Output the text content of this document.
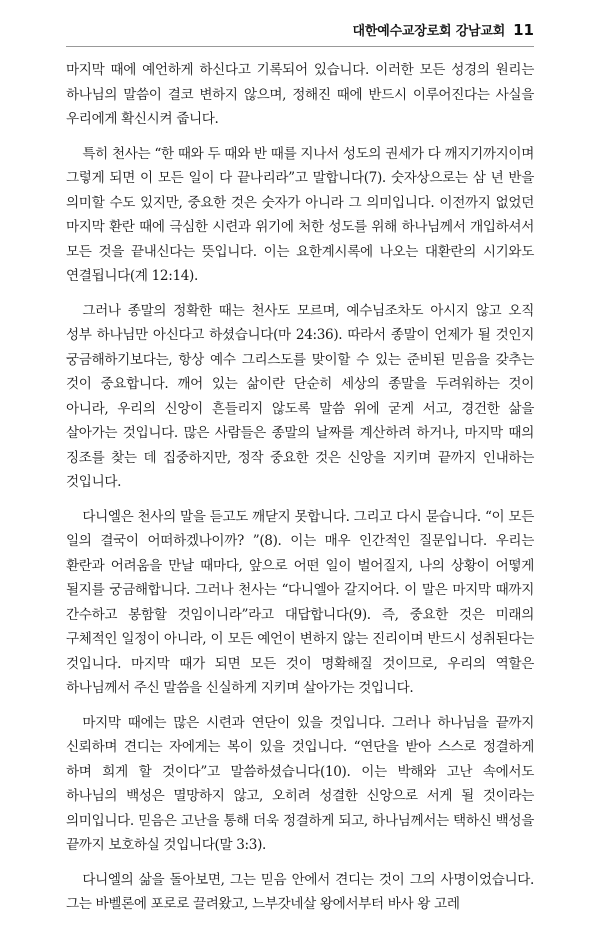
대한예수교장로회 강남교회 11

마지막 때에 예언하게 하신다고 기록되어 있습니다. 이러한 모든 성경의 원리는 하나님의 말씀이 결코 변하지 않으며, 정해진 때에 반드시 이루어진다는 사실을 우리에게 확신시켜 줍니다.

특히 천사는 “한 때와 두 때와 반 때를 지나서 성도의 권세가 다 깨지기까지이며 그렇게 되면 이 모든 일이 다 끝나리라”고 말합니다(7). 숫자상으로는 삼 년 반을 의미할 수도 있지만, 중요한 것은 숫자가 아니라 그 의미입니다. 이전까지 없었던 마지막 환란 때에 극심한 시련과 위기에 처한 성도를 위해 하나님께서 개입하셔서 모든 것을 끝내신다는 뜻입니다. 이는 요한계시록에 나오는 대환란의 시기와도 연결됩니다(계 12:14).

그러나 종말의 정확한 때는 천사도 모르며, 예수님조차도 아시지 않고 오직 성부 하나님만 아신다고 하셨습니다(마 24:36). 따라서 종말이 언제가 될 것인지 궁금해하기보다는, 항상 예수 그리스도를 맞이할 수 있는 준비된 믿음을 갖추는 것이 중요합니다. 깨어 있는 삶이란 단순히 세상의 종말을 두려워하는 것이 아니라, 우리의 신앙이 흔들리지 않도록 말씀 위에 굳게 서고, 경건한 삶을 살아가는 것입니다. 많은 사람들은 종말의 날짜를 계산하려 하거나, 마지막 때의 징조를 찾는 데 집중하지만, 정작 중요한 것은 신앙을 지키며 끝까지 인내하는 것입니다.

다니엘은 천사의 말을 듣고도 깨닫지 못합니다. 그리고 다시 묻습니다. “이 모든 일의 결국이 어떠하겠나이까? ”(8). 이는 매우 인간적인 질문입니다. 우리는 환란과 어려움을 만날 때마다, 앞으로 어떤 일이 벌어질지, 나의 상황이 어떻게 될지를 궁금해합니다. 그러나 천사는 “다니엘아 갈지어다. 이 말은 마지막 때까지 간수하고 봉함할 것임이니라”라고 대답합니다(9). 즉, 중요한 것은 미래의 구체적인 일정이 아니라, 이 모든 예언이 변하지 않는 진리이며 반드시 성취된다는 것입니다. 마지막 때가 되면 모든 것이 명확해질 것이므로, 우리의 역할은 하나님께서 주신 말씀을 신실하게 지키며 살아가는 것입니다.

마지막 때에는 많은 시련과 연단이 있을 것입니다. 그러나 하나님을 끝까지 신뢰하며 견디는 자에게는 복이 있을 것입니다. “연단을 받아 스스로 정결하게 하며 희게 할 것이다”고 말씀하셨습니다(10). 이는 박해와 고난 속에서도 하나님의 백성은 멸망하지 않고, 오히려 성결한 신앙으로 서게 될 것이라는 의미입니다. 믿음은 고난을 통해 더욱 정결하게 되고, 하나님께서는 택하신 백성을 끝까지 보호하실 것입니다(말 3:3).

다니엘의 삶을 돌아보면, 그는 믿음 안에서 견디는 것이 그의 사명이었습니다. 그는 바벨론에 포로로 끌려왔고, 느부갓네살 왕에서부터 바사 왕 고레
